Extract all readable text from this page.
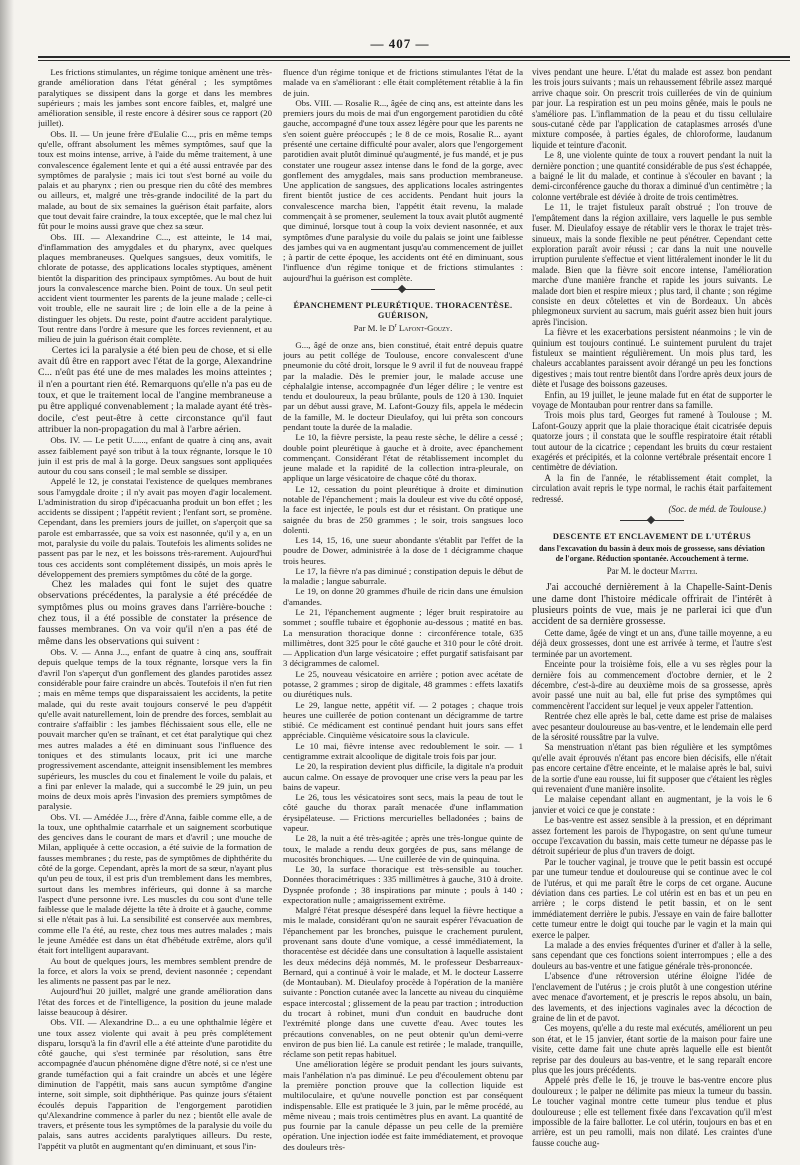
— 407 —

Les frictions stimulantes, un régime tonique amènent une très-grande amélioration dans l'état général ; les symptômes paralytiques se dissipent dans la gorge et dans les membres supérieurs ; mais les jambes sont encore faibles, et, malgré une amélioration sensible, il reste encore à désirer sous ce rapport (20 juillet).

Obs. II. — Un jeune frère d'Eulalie C..., pris en même temps qu'elle, offrant absolument les mêmes symptômes, sauf que la toux est moins intense, arrive, à l'aide du même traitement, à une convalescence également lente et qui a été aussi entravée par des symptômes de paralysie ; mais ici tout s'est borné au voile du palais et au pharynx ; rien ou presque rien du côté des membres ou ailleurs, et, malgré une très-grande indocilité de la part du malade, au bout de six semaines la guérison était parfaite, alors que tout devait faire craindre, la toux exceptée, que le mal chez lui fût pour le moins aussi grave que chez sa sœur.

Obs. III. — Alexandrine C..., est atteinte, le 14 mai, d'inflammation des amygdales et du pharynx, avec quelques plaques membraneuses. Quelques sangsues, deux vomitifs, le chlorate de potasse, des applications locales styptiques, amènent bientôt la disparition des principaux symptômes. Au bout de huit jours la convalescence marche bien. Point de toux. Un seul petit accident vient tourmenter les parents de la jeune malade ; celle-ci voit trouble, elle ne saurait lire ; de loin elle a de la peine à distinguer les objets. Du reste, point d'autre accident paralytique. Tout rentre dans l'ordre à mesure que les forces reviennent, et au milieu de juin la guérison était complète.

Certes ici la paralysie a été bien peu de chose, et si elle avait dû être en rapport avec l'état de la gorge, Alexandrine C... n'eût pas été une de mes malades les moins atteintes ; il n'en a pourtant rien été. Remarquons qu'elle n'a pas eu de toux, et que le traitement local de l'angine membraneuse a pu être appliqué convenablement ; la malade ayant été très-docile, c'est peut-être à cette circonstance qu'il faut attribuer la non-propagation du mal à l'arbre aérien.

Obs. IV. — Le petit U......, enfant de quatre à cinq ans, avait assez faiblement payé son tribut à la toux régnante, lorsque le 10 juin il est pris de mal à la gorge. Deux sangsues sont appliquées autour du cou sans conseil ; le mal semble se dissiper.

Appelé le 12, je constatai l'existence de quelques membranes sous l'amygdale droite ; il n'y avait pas moyen d'agir localement. L'administration du sirop d'ipécacuanha produit un bon effet ; les accidents se dissipent ; l'appétit revient ; l'enfant sort, se promène. Cependant, dans les premiers jours de juillet, on s'aperçoit que sa parole est embarrassée, que sa voix est nasonnée, qu'il y a, en un mot, paralysie du voile du palais. Toutefois les aliments solides ne passent pas par le nez, et les boissons très-rarement. Aujourd'hui tous ces accidents sont complétement dissipés, un mois après le développement des premiers symptômes du côté de la gorge.

Chez les malades qui font le sujet des quatre observations précédentes, la paralysie a été précédée de symptômes plus ou moins graves dans l'arrière-bouche : chez tous, il a été possible de constater la présence de fausses membranes. On va voir qu'il n'en a pas été de même dans les observations qui suivent :

Obs. V. — Anna J..., enfant de quatre à cinq ans, souffrait depuis quelque temps de la toux régnante, lorsque vers la fin d'avril l'on s'aperçut d'un gonflement des glandes parotides assez considérable pour faire craindre un abcès. Toutefois il n'en fut rien ; mais en même temps que disparaissaient les accidents, la petite malade, qui du reste avait toujours conservé le peu d'appétit qu'elle avait naturellement, loin de prendre des forces, semblait au contraire s'affaiblir : les jambes fléchissaient sous elle, elle ne pouvait marcher qu'en se traînant, et cet état paralytique qui chez mes autres malades a été en diminuant sous l'influence des toniques et des stimulants locaux, prit ici une marche progressivement ascendante, atteignit insensiblement les membres supérieurs, les muscles du cou et finalement le voile du palais, et a fini par enlever la malade, qui a succombé le 29 juin, un peu moins de deux mois après l'invasion des premiers symptômes de paralysie.

Obs. VI. — Amédée J..., frère d'Anna, faible comme elle, a de la toux, une ophthalmie catarrhale et un saignement scorbutique des gencives dans le courant de mars et d'avril ; une mouche de Milan, appliquée à cette occasion, a été suivie de la formation de fausses membranes ; du reste, pas de symptômes de diphthérite du côté de la gorge. Cependant, après la mort de sa sœur, n'ayant plus qu'un peu de toux, il est pris d'un tremblement dans les membres, surtout dans les membres inférieurs, qui donne à sa marche l'aspect d'une personne ivre. Les muscles du cou sont d'une telle faiblesse que le malade déjette la tête à droite et à gauche, comme si elle n'était pas à lui. La sensibilité est conservée aux membres, comme elle l'a été, au reste, chez tous mes autres malades ; mais le jeune Amédée est dans un état d'hébétude extrême, alors qu'il était fort intelligent auparavant.

Au bout de quelques jours, les membres semblent prendre de la force, et alors la voix se prend, devient nasonnée ; cependant les aliments ne passent pas par le nez.

Aujourd'hui 20 juillet, malgré une grande amélioration dans l'état des forces et de l'intelligence, la position du jeune malade laisse beaucoup à désirer.

Obs. VII. — Alexandrine D... a eu une ophthalmie légère et une toux assez violente qui avait à peu près complétement disparu, lorsqu'à la fin d'avril elle a été atteinte d'une parotidite du côté gauche, qui s'est terminée par résolution, sans être accompagnée d'aucun phénomène digne d'être noté, si ce n'est une grande tuméfaction qui a fait craindre un abcès et une légère diminution de l'appétit, mais sans aucun symptôme d'angine interne, soit simple, soit diphthérique. Pas quinze jours s'étaient écoulés depuis l'apparition de l'engorgement parotidien qu'Alexandrine commence à parler du nez ; bientôt elle avale de travers, et présente tous les symptômes de la paralysie du voile du palais, sans autres accidents paralytiques ailleurs. Du reste, l'appétit va plutôt en augmentant qu'en diminuant, et sous l'in-

fluence d'un régime tonique et de frictions stimulantes l'état de la malade va en s'améliorant : elle était complétement rétablie à la fin de juin.

Obs. VIII. — Rosalie R..., âgée de cinq ans, est atteinte dans les premiers jours du mois de mai d'un engorgement parotidien du côté gauche, accompagné d'une toux assez légère pour que les parents ne s'en soient guère préoccupés ; le 8 de ce mois, Rosalie R... ayant présenté une certaine difficulté pour avaler, alors que l'engorgement parotidien avait plutôt diminué qu'augmenté, je fus mandé, et je pus constater une rougeur assez intense dans le fond de la gorge, avec gonflement des amygdales, mais sans production membraneuse. Une application de sangsues, des applications locales astringentes firent bientôt justice de ces accidents. Pendant huit jours la convalescence marcha bien, l'appétit était revenu, la malade commençait à se promener, seulement la toux avait plutôt augmenté que diminué, lorsque tout à coup la voix devient nasonnée, et aux symptômes d'une paralysie du voile du palais se joint une faiblesse des jambes qui va en augmentant jusqu'au commencement de juillet ; à partir de cette époque, les accidents ont été en diminuant, sous l'influence d'un régime tonique et de frictions stimulantes : aujourd'hui la guérison est complète.

ÉPANCHEMENT PLEURÉTIQUE. THORACENTÈSE. GUÉRISON,
Par M. le $D^r$ Lafont-Gouzy.

G..., âgé de onze ans, bien constitué, était entré depuis quatre jours au petit collége de Toulouse, encore convalescent d'une pneumonie du côté droit, lorsque le 9 avril il fut de nouveau frappé par la maladie. Dès le premier jour, le malade accuse une céphalalgie intense, accompagnée d'un léger délire ; le ventre est tendu et douloureux, la peau brûlante, pouls de 120 à 130. Inquiet par un début aussi grave, M. Lafont-Gouzy fils, appela le médecin de la famille, M. le docteur Dieulafoy, qui lui prêta son concours pendant toute la durée de la maladie.

Le 10, la fièvre persiste, la peau reste sèche, le délire a cessé ; double point pleurétique à gauche et à droite, avec épanchement commençant. Considérant l'état de rétablissement incomplet du jeune malade et la rapidité de la collection intra-pleurale, on applique un large vésicatoire de chaque côté du thorax.

Le 12, cessation du point pleurétique à droite et diminution notable de l'épanchement ; mais la douleur est vive du côté opposé, la face est injectée, le pouls est dur et résistant. On pratique une saignée du bras de 250 grammes ; le soir, trois sangsues loco dolenti.

Les 14, 15, 16, une sueur abondante s'établit par l'effet de la poudre de Dower, administrée à la dose de 1 décigramme chaque trois heures.

Le 17, la fièvre n'a pas diminué ; constipation depuis le début de la maladie ; langue saburrale.

Le 19, on donne 20 grammes d'huile de ricin dans une émulsion d'amandes.

Le 21, l'épanchement augmente ; léger bruit respiratoire au sommet ; souffle tubaire et égophonie au-dessous ; matité en bas. La mensuration thoracique donne : circonférence totale, 635 millimètres, dont 325 pour le côté gauche et 310 pour le côté droit. — Application d'un large vésicatoire ; effet purgatif satisfaisant par 3 décigrammes de calomel.

Le 25, nouveau vésicatoire en arrière ; potion avec acétate de potasse, 2 grammes ; sirop de digitale, 48 grammes : effets laxatifs ou diurétiques nuls.

Le 29, langue nette, appétit vif. — 2 potages ; chaque trois heures une cuillerée de potion contenant un décigramme de tartre stibié. Ce médicament est continué pendant huit jours sans effet appréciable. Cinquième vésicatoire sous la clavicule.

Le 10 mai, fièvre intense avec redoublement le soir. — 1 centigramme extrait alcoolique de digitale trois fois par jour.

Le 20, la respiration devient plus difficile, la digitale n'a produit aucun calme. On essaye de provoquer une crise vers la peau par les bains de vapeur.

Le 26, tous les vésicatoires sont secs, mais la peau de tout le côté gauche du thorax paraît menacée d'une inflammation érysipélateuse. — Frictions mercurielles belladonées ; bains de vapeur.

Le 28, la nuit a été très-agitée ; après une très-longue quinte de toux, le malade a rendu deux gorgées de pus, sans mélange de mucosités bronchiques. — Une cuillerée de vin de quinquina.

Le 30, la surface thoracique est très-sensible au toucher. Données thoracimétriques : 335 millimètres à gauche, 310 à droite. Dyspnée profonde ; 38 inspirations par minute ; pouls à 140 ; expectoration nulle ; amaigrissement extrême.

Malgré l'état presque désespéré dans lequel la fièvre hectique a mis le malade, considérant qu'on ne saurait espérer l'évacuation de l'épanchement par les bronches, puisque le crachement purulent, provenant sans doute d'une vomique, a cessé immédiatement, la thoracentèse est décidée dans une consultation à laquelle assistaient les deux médecins déjà nommés, M. le professeur Desbarreaux-Bernard, qui a continué à voir le malade, et M. le docteur Lasserre (de Montauban). M. Dieulafoy procède à l'opération de la manière suivante : Ponction cutanée avec la lancette au niveau du cinquième espace intercostal ; glissement de la peau par traction ; introduction du trocart à robinet, muni d'un conduit en baudruche dont l'extrémité plonge dans une cuvette d'eau. Avec toutes les précautions convenables, on ne peut obtenir qu'un demi-verre environ de pus bien lié. La canule est retirée ; le malade, tranquille, réclame son petit repas habituel.

Une amélioration légère se produit pendant les jours suivants, mais l'anhélation n'a pas diminué. Le peu d'écoulement obtenu par la première ponction prouve que la collection liquide est multiloculaire, et qu'une nouvelle ponction est par conséquent indispensable. Elle est pratiquée le 3 juin, par le même procédé, au même niveau ; mais trois centimètres plus en avant. La quantité de pus fournie par la canule dépasse un peu celle de la première opération. Une injection iodée est faite immédiatement, et provoque des douleurs très-

vives pendant une heure. L'état du malade est assez bon pendant les trois jours suivants ; mais un rehaussement fébrile assez marqué arrive chaque soir. On prescrit trois cuillerées de vin de quinium par jour. La respiration est un peu moins gênée, mais le pouls ne s'améliore pas. L'inflammation de la peau et du tissu cellulaire sous-cutané cède par l'application de cataplasmes arrosés d'une mixture composée, à parties égales, de chloroforme, laudanum liquide et teinture d'aconit.

Le 8, une violente quinte de toux a rouvert pendant la nuit la dernière ponction ; une quantité considérable de pus s'est échappée, a baigné le lit du malade, et continue à s'écouler en bavant ; la demi-circonférence gauche du thorax a diminué d'un centimètre ; la colonne vertébrale est déviée à droite de trois centimètres.

Le 11, le trajet fistuleux paraît obstrué ; l'on trouve de l'empâtement dans la région axillaire, vers laquelle le pus semble fuser. M. Dieulafoy essaye de rétablir vers le thorax le trajet très-sinueux, mais la sonde flexible ne peut pénétrer. Cependant cette exploration paraît avoir réussi ; car dans la nuit une nouvelle irruption purulente s'effectue et vient littéralement inonder le lit du malade. Bien que la fièvre soit encore intense, l'amélioration marche d'une manière franche et rapide les jours suivants. Le malade dort bien et respire mieux ; plus tard, il chante ; son régime consiste en deux côtelettes et vin de Bordeaux. Un abcès phlegmoneux survient au sacrum, mais guérit assez bien huit jours après l'incision.

La fièvre et les exacerbations persistent néanmoins ; le vin de quinium est toujours continué. Le suintement purulent du trajet fistuleux se maintient régulièrement. Un mois plus tard, les chaleurs accablantes paraissent avoir dérangé un peu les fonctions digestives ; mais tout rentre bientôt dans l'ordre après deux jours de diète et l'usage des boissons gazeuses.

Enfin, au 19 juillet, le jeune malade fut en état de supporter le voyage de Montauban pour rentrer dans sa famille.

Trois mois plus tard, Georges fut ramené à Toulouse ; M. Lafont-Gouzy apprit que la plaie thoracique était cicatrisée depuis quatorze jours ; il constata que le souffle respiratoire était rétabli tout autour de la cicatrice ; cependant les bruits du cœur restaient exagérés et précipités, et la colonne vertébrale présentait encore 1 centimètre de déviation.

A la fin de l'année, le rétablissement était complet, la circulation avait repris le type normal, le rachis était parfaitement redressé.

(Soc. de méd. de Toulouse.)

DESCENTE ET ENCLAVEMENT DE L'UTÉRUS
dans l'excavation du bassin à deux mois de grossesse, sans déviation de l'organe. Réduction spontanée. Accouchement à terme.
Par M. le docteur Mattei.

J'ai accouché dernièrement à la Chapelle-Saint-Denis une dame dont l'histoire médicale offrirait de l'intérêt à plusieurs points de vue, mais je ne parlerai ici que d'un accident de sa dernière grossesse.

Cette dame, âgée de vingt et un ans, d'une taille moyenne, a eu déjà deux grossesses, dont une est arrivée à terme, et l'autre s'est terminée par un avortement.

Enceinte pour la troisième fois, elle a vu ses règles pour la dernière fois au commencement d'octobre dernier, et le 2 décembre, c'est-à-dire au deuxième mois de sa grossesse, après avoir passé une nuit au bal, elle fut prise des symptômes qui commencèrent l'accident sur lequel je veux appeler l'attention.

Rentrée chez elle après le bal, cette dame est prise de malaises avec pesanteur douloureuse au bas-ventre, et le lendemain elle perd de la sérosité roussâtre par la vulve.

Sa menstruation n'étant pas bien régulière et les symptômes qu'elle avait éprouvés n'étant pas encore bien décisifs, elle n'était pas encore certaine d'être enceinte, et le malaise après le bal, suivi de la sortie d'une eau rousse, lui fit supposer que c'étaient les règles qui revenaient d'une manière insolite.

Le malaise cependant allant en augmentant, je la vois le 6 janvier et voici ce que je constate :

Le bas-ventre est assez sensible à la pression, et en déprimant assez fortement les parois de l'hypogastre, on sent qu'une tumeur occupe l'excavation du bassin, mais cette tumeur ne dépasse pas le détroit supérieur de plus d'un travers de doigt.

Par le toucher vaginal, je trouve que le petit bassin est occupé par une tumeur tendue et douloureuse qui se continue avec le col de l'utérus, et qui me paraît être le corps de cet organe. Aucune déviation dans ces parties. Le col utérin est en bas et un peu en arrière ; le corps distend le petit bassin, et on le sent immédiatement derrière le pubis. J'essaye en vain de faire ballotter cette tumeur entre le doigt qui touche par le vagin et la main qui exerce le palper.

La malade a des envies fréquentes d'uriner et d'aller à la selle, sans cependant que ces fonctions soient interrompues ; elle a des douleurs au bas-ventre et une fatigue générale très-prononcée.

L'absence d'une rétroversion utérine éloigne l'idée de l'enclavement de l'utérus ; je crois plutôt à une congestion utérine avec menace d'avortement, et je prescris le repos absolu, un bain, des lavements, et des injections vaginales avec la décoction de graine de lin et de pavot.

Ces moyens, qu'elle a du reste mal exécutés, améliorent un peu son état, et le 15 janvier, étant sortie de la maison pour faire une visite, cette dame fait une chute après laquelle elle est bientôt reprise par des douleurs au bas-ventre, et le sang reparaît encore plus que les jours précédents.

Appelé près d'elle le 16, je trouve le bas-ventre encore plus douloureux ; le palper ne délimite pas mieux la tumeur du bassin. Le toucher vaginal montre cette tumeur plus tendue et plus douloureuse ; elle est tellement fixée dans l'excavation qu'il m'est impossible de la faire ballotter. Le col utérin, toujours en bas et en arrière, est un peu ramolli, mais non dilaté. Les craintes d'une fausse couche aug-
